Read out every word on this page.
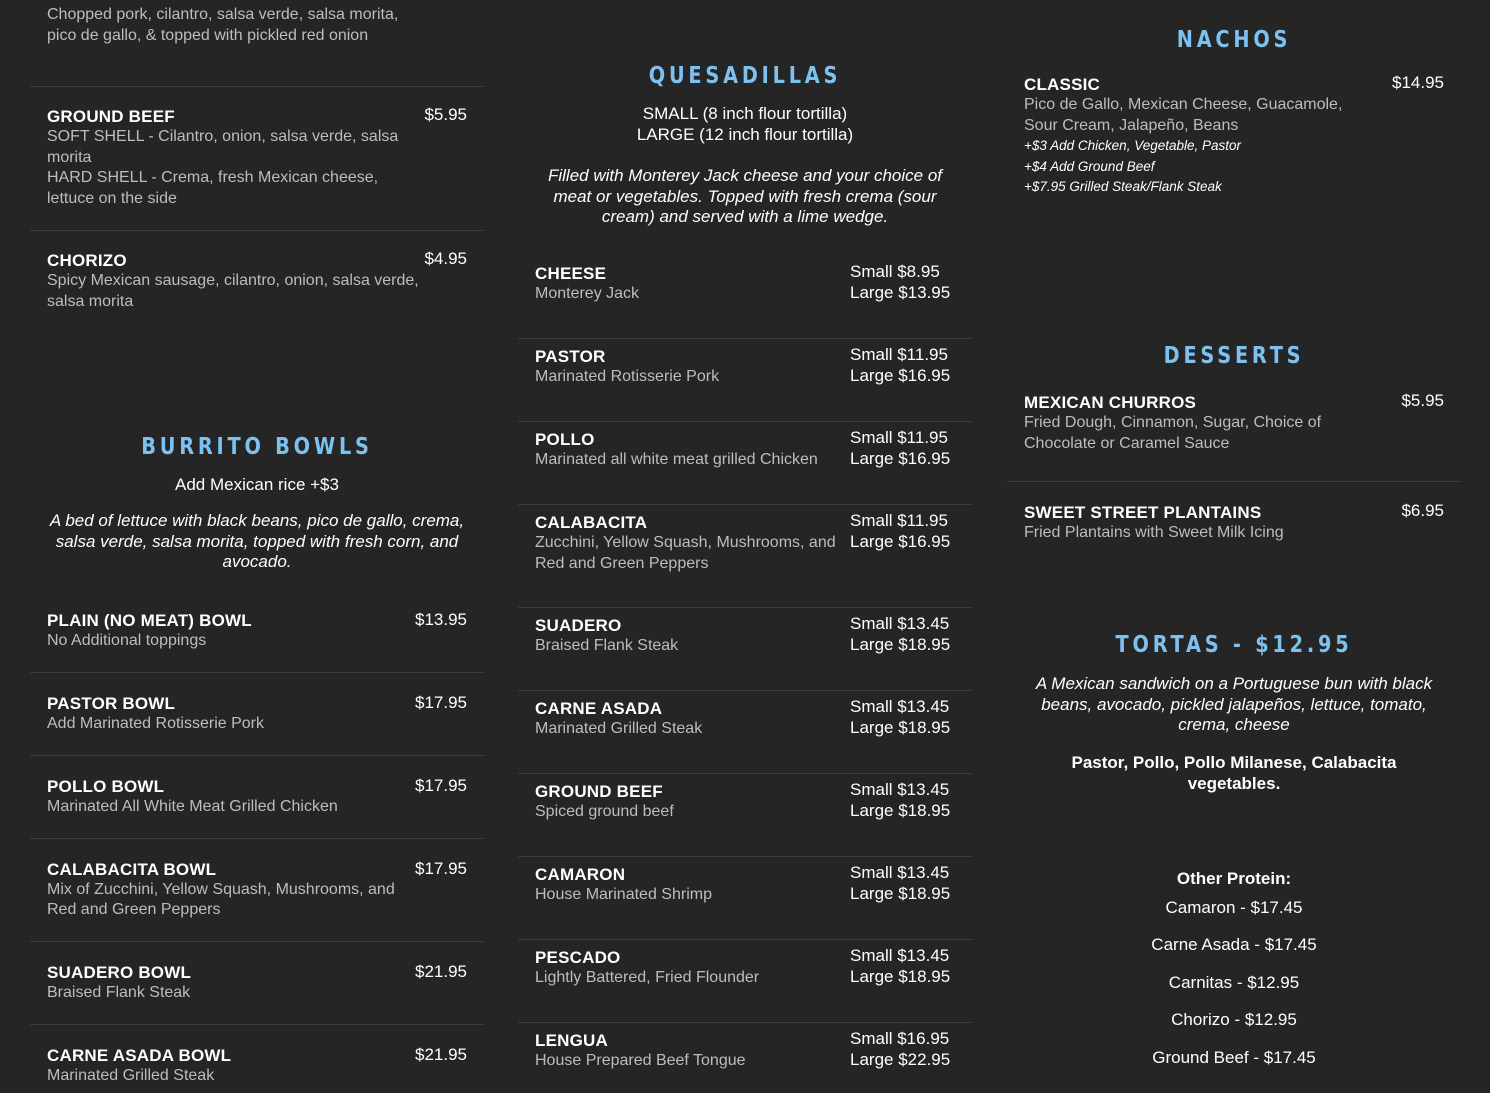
Chopped pork, cilantro, salsa verde, salsa morita, pico de gallo, & topped with pickled red onion
$5.95
GROUND BEEF
SOFT SHELL - Cilantro, onion, salsa verde, salsa morita
HARD SHELL - Crema, fresh Mexican cheese, lettuce on the side
$4.95
CHORIZO
Spicy Mexican sausage, cilantro, onion, salsa verde, salsa morita
BURRITO BOWLS
Add Mexican rice +$3
A bed of lettuce with black beans, pico de gallo, crema, salsa verde, salsa morita, topped with fresh corn, and avocado.
$13.95
PLAIN (NO MEAT) BOWL
No Additional toppings
$17.95
PASTOR BOWL
Add Marinated Rotisserie Pork
$17.95
POLLO BOWL
Marinated All White Meat Grilled Chicken
$17.95
CALABACITA BOWL
Mix of Zucchini, Yellow Squash, Mushrooms, and Red and Green Peppers
$21.95
SUADERO BOWL
Braised Flank Steak
$21.95
CARNE ASADA BOWL
Marinated Grilled Steak
QUESADILLAS
SMALL (8 inch flour tortilla)
LARGE (12 inch flour tortilla)
Filled with Monterey Jack cheese and your choice of meat or vegetables. Topped with fresh crema (sour cream) and served with a lime wedge.
Small $8.95
Large $13.95
CHEESE
Monterey Jack
Small $11.95
Large $16.95
PASTOR
Marinated Rotisserie Pork
Small $11.95
Large $16.95
POLLO
Marinated all white meat grilled Chicken
Small $11.95
Large $16.95
CALABACITA
Zucchini, Yellow Squash, Mushrooms, and Red and Green Peppers
Small $13.45
Large $18.95
SUADERO
Braised Flank Steak
Small $13.45
Large $18.95
CARNE ASADA
Marinated Grilled Steak
Small $13.45
Large $18.95
GROUND BEEF
Spiced ground beef
Small $13.45
Large $18.95
CAMARON
House Marinated Shrimp
Small $13.45
Large $18.95
PESCADO
Lightly Battered, Fried Flounder
Small $16.95
Large $22.95
LENGUA
House Prepared Beef Tongue
NACHOS
$14.95
CLASSIC
Pico de Gallo, Mexican Cheese, Guacamole, Sour Cream, Jalapeño, Beans
+$3 Add Chicken, Vegetable, Pastor
+$4 Add Ground Beef
+$7.95 Grilled Steak/Flank Steak
DESSERTS
$5.95
MEXICAN CHURROS
Fried Dough, Cinnamon, Sugar, Choice of Chocolate or Caramel Sauce
$6.95
SWEET STREET PLANTAINS
Fried Plantains with Sweet Milk Icing
TORTAS - $12.95
A Mexican sandwich on a Portuguese bun with black beans, avocado, pickled jalapeños, lettuce, tomato, crema, cheese
Pastor, Pollo, Pollo Milanese, Calabacita vegetables.
Other Protein:
Camaron - $17.45
Carne Asada - $17.45
Carnitas - $12.95
Chorizo - $12.95
Ground Beef - $17.45
